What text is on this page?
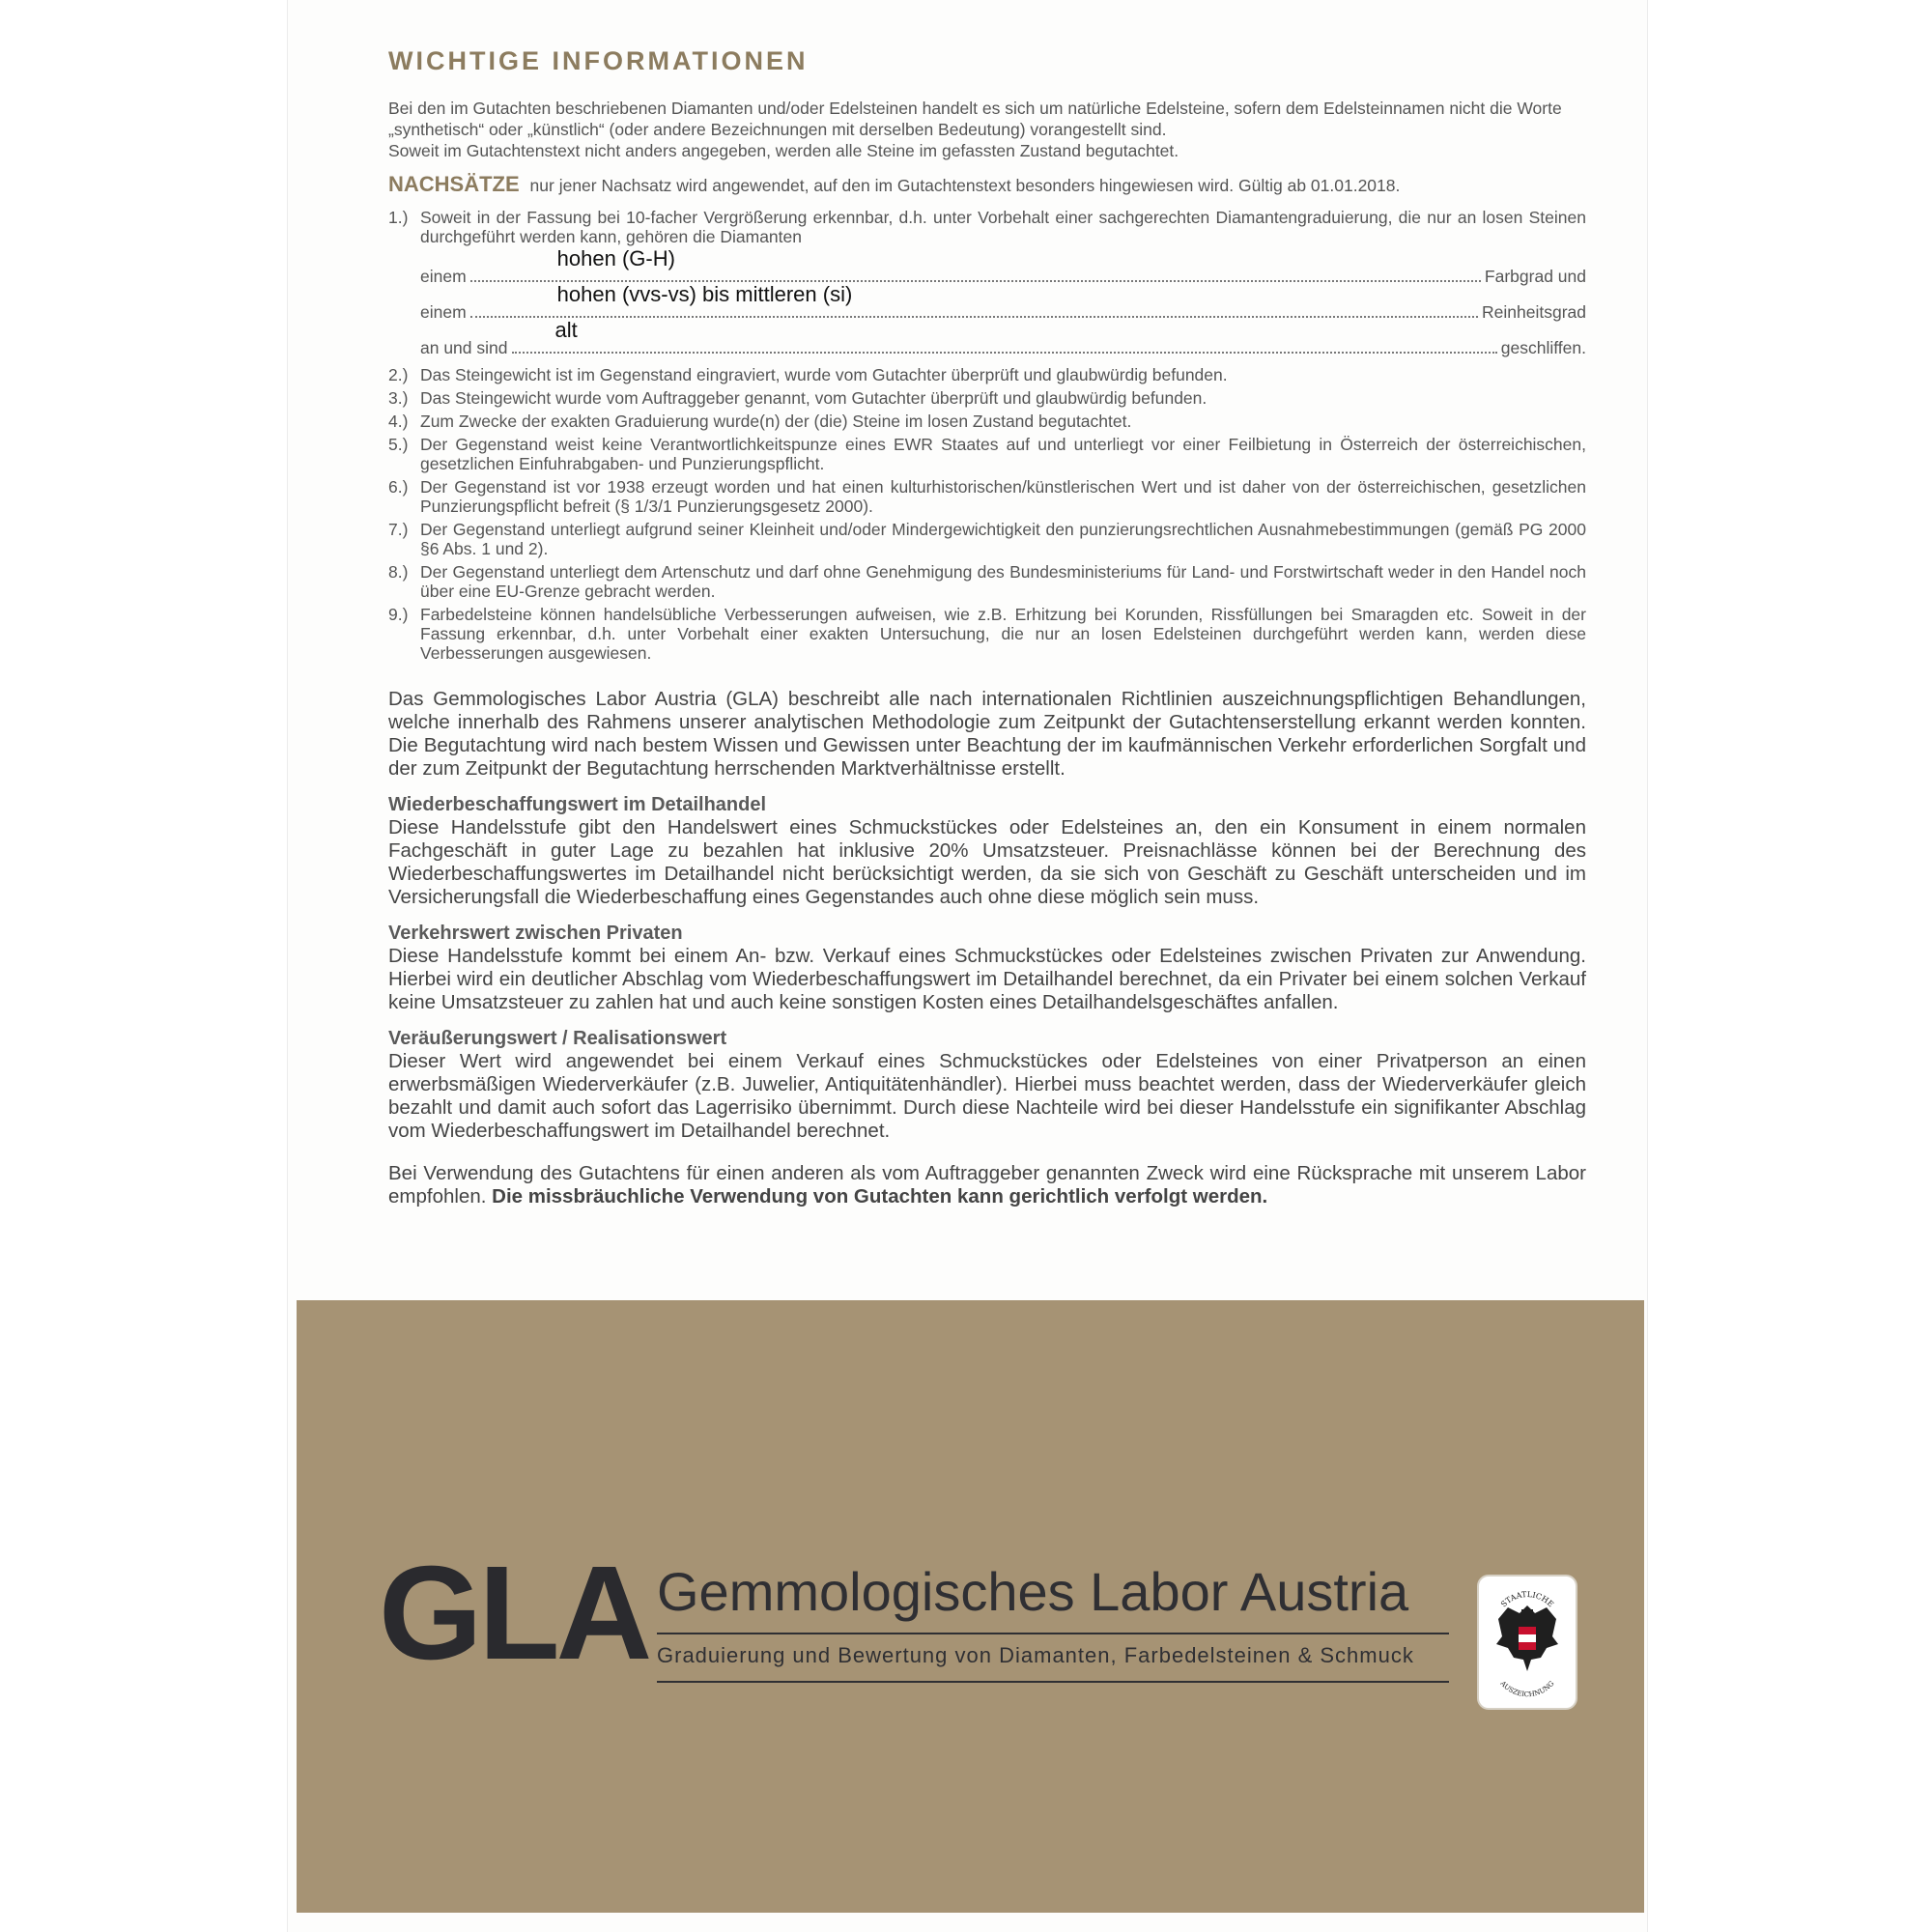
WICHTIGE INFORMATIONEN

Bei den im Gutachten beschriebenen Diamanten und/oder Edelsteinen handelt es sich um natürliche Edelsteine, sofern dem Edelsteinnamen nicht die Worte „synthetisch“ oder „künstlich“ (oder andere Bezeichnungen mit derselben Bedeutung) vorangestellt sind.

Soweit im Gutachtenstext nicht anders angegeben, werden alle Steine im gefassten Zustand begutachtet.

NACHSÄTZE nur jener Nachsatz wird angewendet, auf den im Gutachtenstext besonders hingewiesen wird. Gültig ab 01.01.2018.
1.) Soweit in der Fassung bei 10-facher Vergrößerung erkennbar, d.h. unter Vorbehalt einer sachgerechten Diamantengraduierung, die nur an losen Steinen durchgeführt werden kann, gehören die Diamanten
einem
hohen (G-H)
Farbgrad und
einem
hohen (vvs-vs) bis mittleren (si)
Reinheitsgrad
an und sind
alt
geschliffen.
2.) Das Steingewicht ist im Gegenstand eingraviert, wurde vom Gutachter überprüft und glaubwürdig befunden.
3.) Das Steingewicht wurde vom Auftraggeber genannt, vom Gutachter überprüft und glaubwürdig befunden.
4.) Zum Zwecke der exakten Graduierung wurde(n) der (die) Steine im losen Zustand begutachtet.
5.) Der Gegenstand weist keine Verantwortlichkeitspunze eines EWR Staates auf und unterliegt vor einer Feilbietung in Österreich der österreichischen, gesetzlichen Einfuhrabgaben- und Punzierungspflicht.
6.) Der Gegenstand ist vor 1938 erzeugt worden und hat einen kulturhistorischen/künstlerischen Wert und ist daher von der österreichischen, gesetzlichen Punzierungspflicht befreit (§ 1/3/1 Punzierungsgesetz 2000).
7.) Der Gegenstand unterliegt aufgrund seiner Kleinheit und/oder Mindergewichtigkeit den punzierungsrechtlichen Ausnahmebestimmungen (gemäß PG 2000 §6 Abs. 1 und 2).
8.) Der Gegenstand unterliegt dem Artenschutz und darf ohne Genehmigung des Bundesministeriums für Land- und Forstwirtschaft weder in den Handel noch über eine EU-Grenze gebracht werden.
9.) Farbedelsteine können handelsübliche Verbesserungen aufweisen, wie z.B. Erhitzung bei Korunden, Rissfüllungen bei Smaragden etc. Soweit in der Fassung erkennbar, d.h. unter Vorbehalt einer exakten Untersuchung, die nur an losen Edelsteinen durchgeführt werden kann, werden diese Verbesserungen ausgewiesen.
Das Gemmologisches Labor Austria (GLA) beschreibt alle nach internationalen Richtlinien auszeichnungspflichtigen Behandlungen, welche innerhalb des Rahmens unserer analytischen Methodologie zum Zeitpunkt der Gutachtenserstellung erkannt werden konnten. Die Begutachtung wird nach bestem Wissen und Gewissen unter Beachtung der im kaufmännischen Verkehr erforderlichen Sorgfalt und der zum Zeitpunkt der Begutachtung herrschenden Marktverhältnisse erstellt.
Wiederbeschaffungswert im Detailhandel
Diese Handelsstufe gibt den Handelswert eines Schmuckstückes oder Edelsteines an, den ein Konsument in einem normalen Fachgeschäft in guter Lage zu bezahlen hat inklusive 20% Umsatzsteuer. Preisnachlässe können bei der Berechnung des Wiederbeschaffungswertes im Detailhandel nicht berücksichtigt werden, da sie sich von Geschäft zu Geschäft unterscheiden und im Versicherungsfall die Wiederbeschaffung eines Gegenstandes auch ohne diese möglich sein muss.
Verkehrswert zwischen Privaten
Diese Handelsstufe kommt bei einem An- bzw. Verkauf eines Schmuckstückes oder Edelsteines zwischen Privaten zur Anwendung. Hierbei wird ein deutlicher Abschlag vom Wiederbeschaffungswert im Detailhandel berechnet, da ein Privater bei einem solchen Verkauf keine Umsatzsteuer zu zahlen hat und auch keine sonstigen Kosten eines Detailhandelsgeschäftes anfallen.
Veräußerungswert / Realisationswert
Dieser Wert wird angewendet bei einem Verkauf eines Schmuckstückes oder Edelsteines von einer Privatperson an einen erwerbsmäßigen Wiederverkäufer (z.B. Juwelier, Antiquitätenhändler). Hierbei muss beachtet werden, dass der Wiederverkäufer gleich bezahlt und damit auch sofort das Lagerrisiko übernimmt. Durch diese Nachteile wird bei dieser Handelsstufe ein signifikanter Abschlag vom Wiederbeschaffungswert im Detailhandel berechnet.
Bei Verwendung des Gutachtens für einen anderen als vom Auftraggeber genannten Zweck wird eine Rücksprache mit unserem Labor empfohlen. Die missbräuchliche Verwendung von Gutachten kann gerichtlich verfolgt werden.
GLA Gemmologisches Labor Austria
Graduierung und Bewertung von Diamanten, Farbedelsteinen & Schmuck
STAATLICHE
AUSZEICHNUNG
